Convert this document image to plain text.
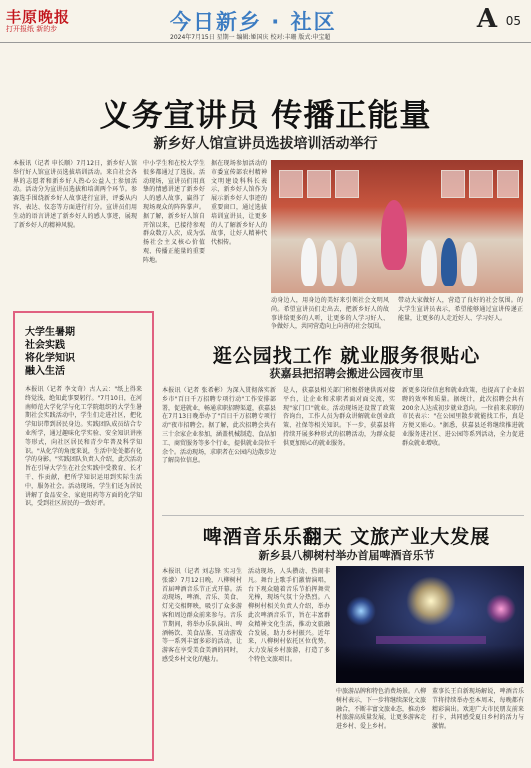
丰原晚报
打开报纸 新的步	今日新乡 · 社区
2024年7月15日 星期一 编辑:姬国庆 校对:丰珊 版式:申宝超
A 05
义务宣讲员 传播正能量
新乡好人馆宣讲员选拔培训活动举行
本报讯（记者 申长顺）7月12日，新乡好人馆举行好人馆宣讲员选拔培训活动。来自社会各界的志愿者和新乡好人热心公益人士参加活动。活动分为宣讲员选拔和培训两个环节。参赛选手围绕新乡好人故事进行宣讲，评委从内容、表达、仪态等方面进行打分。宣讲员们用生动的语言讲述了新乡好人的感人事迹，展现了新乡好人的精神风貌。
中小学生和在校大学生很多都通过了选拔。活动现场，宣讲员们用真挚的情感讲述了新乡好人的感人故事，赢得了现场观众的阵阵掌声。据了解，新乡好人馆自开馆以来，已接待参观群众数万人次，成为弘扬社会主义核心价值观、传播正能量的重要阵地。
据在现场参加活动的市委宣传部农村精神文明建设科科长表示，新乡好人馆作为展示新乡好人事迹的重要窗口，通过选拔培训宣讲员，让更多的人了解新乡好人的故事，让好人精神代代相传。
动身边人，用身边的美好来引领社会文明风尚。希望宣讲员们走出去，把新乡好人的故事讲给更多的人听，让更多的人学习好人、争做好人，共同营造向上向善的社会氛围。
带动大家做好人，营造了良好的社会氛围。的大学生宣讲员表示，希望能够通过宣讲传递正能量，让更多的人走近好人、学习好人。
大学生暑期
社会实践
将化学知识
融入生活
本报讯（记者 李文奇）古人云："纸上得来终觉浅，绝知此事要躬行。"7月10日，在河南师范大学化学与化工学院组织的大学生暑期社会实践活动中，学生们走进社区，把化学知识带到居民身边。实践团队成员结合专业所学，通过趣味化学实验、安全知识讲座等形式，向社区居民和青少年普及科学知识。"从化学的角度来说，生活中处处都有化学的身影。"实践团队负责人介绍，此次活动旨在引导大学生在社会实践中受教育、长才干、作贡献，把所学知识运用到实际生活中，服务社会。活动现场，学生们还为居民讲解了食品安全、家庭用药等方面的化学知识，受到社区居民的一致好评。
逛公园找工作 就业服务很贴心
获嘉县把招聘会搬进公园夜市里
本报讯（记者 张希彬）为深入贯彻落实新乡市"百日千万招聘专项行动"工作安排部署，促进就业，畅通求职招聘渠道，获嘉县在7月13日晚举办了"百日千万招聘专项行动"夜市招聘会。据了解，此次招聘会共有三十余家企业参加，涵盖机械制造、食品加工、商贸服务等多个行业，提供就业岗位千余个。活动现场，求职者在公园内边散步边了解岗位信息。
是人，获嘉县相关部门积极搭建供需对接平台，让企业和求职者面对面交流，实现"家门口"就业。活动现场还设置了政策咨询台，工作人员为群众讲解就业创业政策、社保等相关知识。下一步，获嘉县将持续开展多种形式的招聘活动，为群众提供更加贴心的就业服务。
新更多岗位信息和就业政策，也提高了企业招聘的效率和质量。据统计，此次招聘会共有200余人达成初步就业意向。一位前来求职的市民表示："在公园里散步就能找工作，真是方便又贴心。"据悉，获嘉县还将继续推进就业服务进社区、进公园等系列活动，全力促进群众就业增收。
啤酒音乐乐翻天 文旅产业大发展
新乡县八柳树村举办首届啤酒音乐节
本报讯（记者 刘志锋 实习生 张濛）7月12日晚，八柳树村首届啤酒音乐节正式开幕。活动现场，啤酒、音乐、美食、灯光交相辉映，吸引了众多游客和周边群众前来参与。音乐节期间，将举办乐队演出、啤酒畅饮、美食品鉴、互动游戏等一系列丰富多彩的活动，让游客在享受美食美酒的同时，感受乡村文化的魅力。
活动现场，人头攒动、热闹非凡。舞台上歌手们激情演唱，台下观众随着音乐节拍挥舞荧光棒，现场气氛十分热烈。八柳树村相关负责人介绍，举办此次啤酒音乐节，旨在丰富群众精神文化生活，推动文旅融合发展，助力乡村振兴。近年来，八柳树村依托区位优势，大力发展乡村旅游，打造了多个特色文旅项目。
中旅游品牌和特色消费场景。八柳树村表示，下一步将继续深化文旅融合，不断丰富文旅业态，推动乡村旅游高质量发展，让更多游客走进乡村、爱上乡村。
董事长王自新现场解说，啤酒音乐节将持续举办至本周末，每晚都有精彩演出。欢迎广大市民朋友前来打卡，共同感受夏日乡村的活力与激情。
